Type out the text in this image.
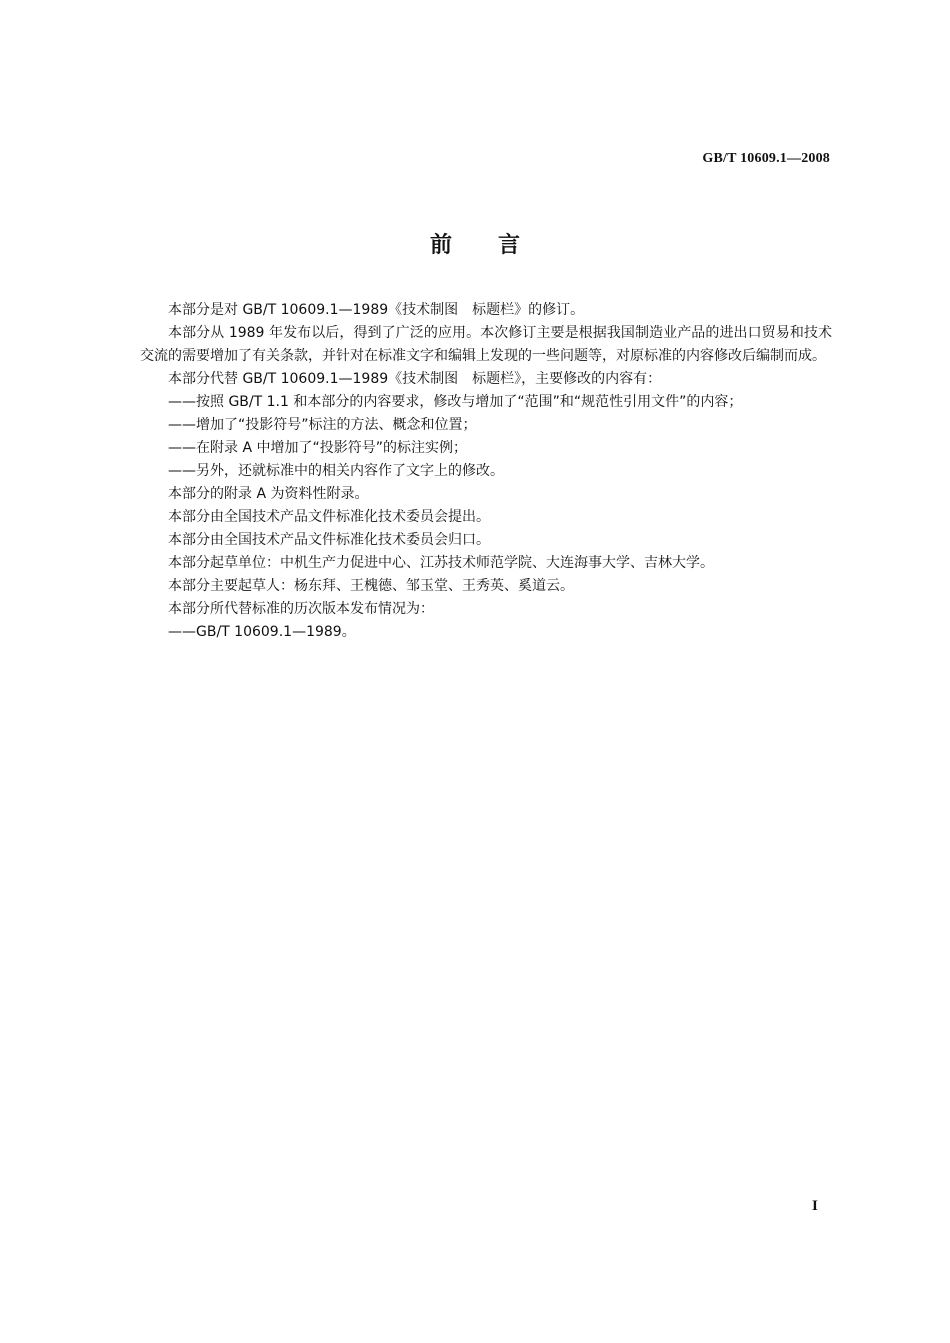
GB/T 10609.1—2008
前言

本部分是对 GB/T 10609.1—1989《技术制图　标题栏》的修订。

本部分从 1989 年发布以后，得到了广泛的应用。本次修订主要是根据我国制造业产品的进出口贸易和技术交流的需要增加了有关条款，并针对在标准文字和编辑上发现的一些问题等，对原标准的内容修改后编制而成。

本部分代替 GB/T 10609.1—1989《技术制图　标题栏》，主要修改的内容有：

——按照 GB/T 1.1 和本部分的内容要求，修改与增加了“范围”和“规范性引用文件”的内容；

——增加了“投影符号”标注的方法、概念和位置；

——在附录 A 中增加了“投影符号”的标注实例；

——另外，还就标准中的相关内容作了文字上的修改。

本部分的附录 A 为资料性附录。

本部分由全国技术产品文件标准化技术委员会提出。

本部分由全国技术产品文件标准化技术委员会归口。

本部分起草单位：中机生产力促进中心、江苏技术师范学院、大连海事大学、吉林大学。

本部分主要起草人：杨东拜、王槐德、邹玉堂、王秀英、奚道云。

本部分所代替标准的历次版本发布情况为：

——GB/T 10609.1—1989。

I
